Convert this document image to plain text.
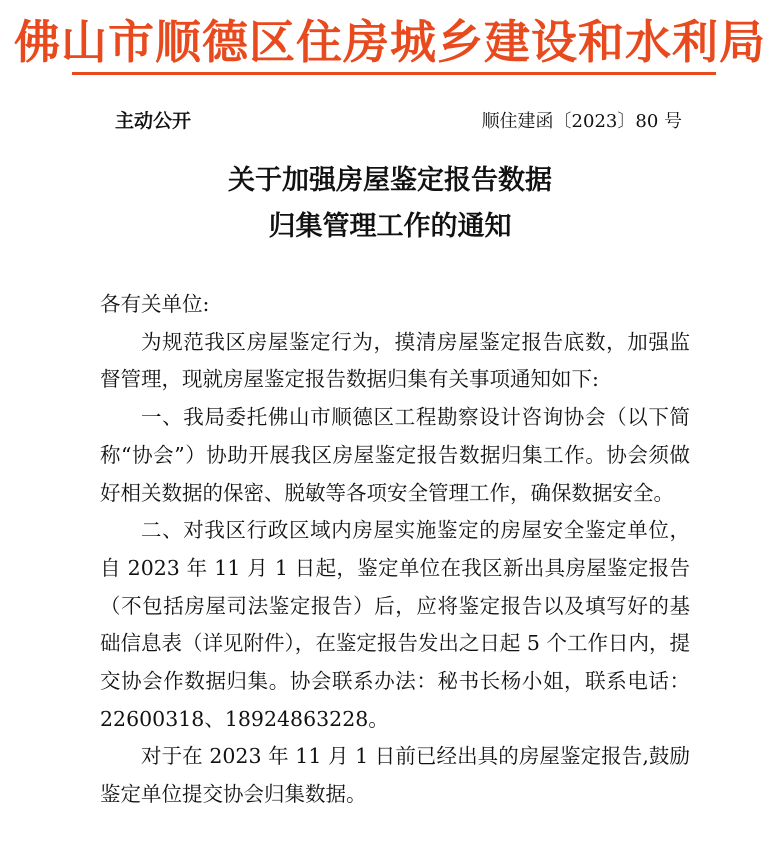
佛山市顺德区住房城乡建设和水利局
主动公开	顺住建函〔2023〕80 号
关于加强房屋鉴定报告数据
归集管理工作的通知

各有关单位:

为规范我区房屋鉴定行为，摸清房屋鉴定报告底数，加强监督管理，现就房屋鉴定报告数据归集有关事项通知如下:

一、我局委托佛山市顺德区工程勘察设计咨询协会（以下简称“协会”）协助开展我区房屋鉴定报告数据归集工作。协会须做好相关数据的保密、脱敏等各项安全管理工作，确保数据安全。

二、对我区行政区域内房屋实施鉴定的房屋安全鉴定单位，自 2023 年 11 月 1 日起，鉴定单位在我区新出具房屋鉴定报告（不包括房屋司法鉴定报告）后，应将鉴定报告以及填写好的基础信息表（详见附件），在鉴定报告发出之日起 5 个工作日内，提交协会作数据归集。协会联系办法：秘书长杨小姐，联系电话：22600318、18924863228。

对于在 2023 年 11 月 1 日前已经出具的房屋鉴定报告,鼓励鉴定单位提交协会归集数据。
